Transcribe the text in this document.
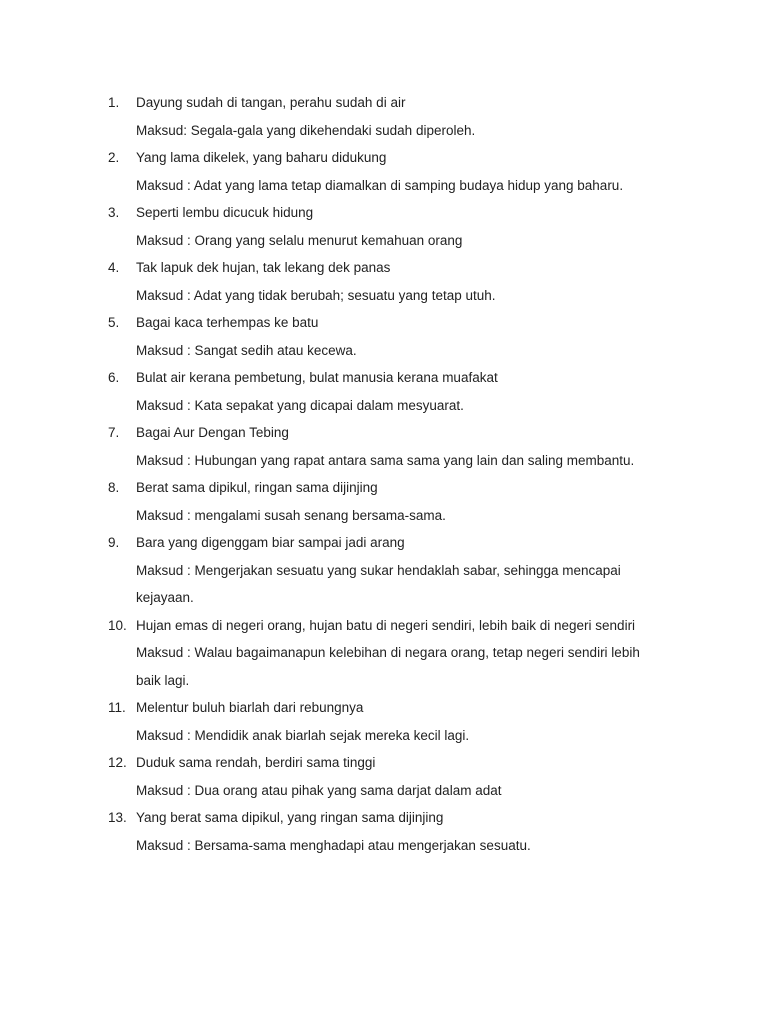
1.	Dayung sudah di tangan, perahu sudah di air
Maksud: Segala-gala yang dikehendaki sudah diperoleh.
2.	Yang lama dikelek, yang baharu didukung
Maksud : Adat yang lama tetap diamalkan di samping budaya hidup yang baharu.
3.	Seperti lembu dicucuk hidung
Maksud : Orang yang selalu menurut kemahuan orang
4.	Tak lapuk dek hujan, tak lekang dek panas
Maksud : Adat yang tidak berubah; sesuatu yang tetap utuh.
5.	Bagai kaca terhempas ke batu
Maksud : Sangat sedih atau kecewa.
6.	Bulat air kerana pembetung, bulat manusia kerana muafakat
Maksud : Kata sepakat yang dicapai dalam mesyuarat.
7.	Bagai Aur Dengan Tebing
Maksud : Hubungan yang rapat antara sama sama yang lain dan saling membantu.
8.	Berat sama dipikul, ringan sama dijinjing
Maksud : mengalami susah senang bersama-sama.
9.	Bara yang digenggam biar sampai jadi arang
Maksud : Mengerjakan sesuatu yang sukar hendaklah sabar, sehingga mencapai kejayaan.
10. Hujan emas di negeri orang, hujan batu di negeri sendiri, lebih baik di negeri sendiri
Maksud : Walau bagaimanapun kelebihan di negara orang, tetap negeri sendiri lebih baik lagi.
11. Melentur buluh biarlah dari rebungnya
Maksud : Mendidik anak biarlah sejak mereka kecil lagi.
12. Duduk sama rendah, berdiri sama tinggi
Maksud : Dua orang atau pihak yang sama darjat dalam adat
13. Yang berat sama dipikul, yang ringan sama dijinjing
Maksud : Bersama-sama menghadapi atau mengerjakan sesuatu.
